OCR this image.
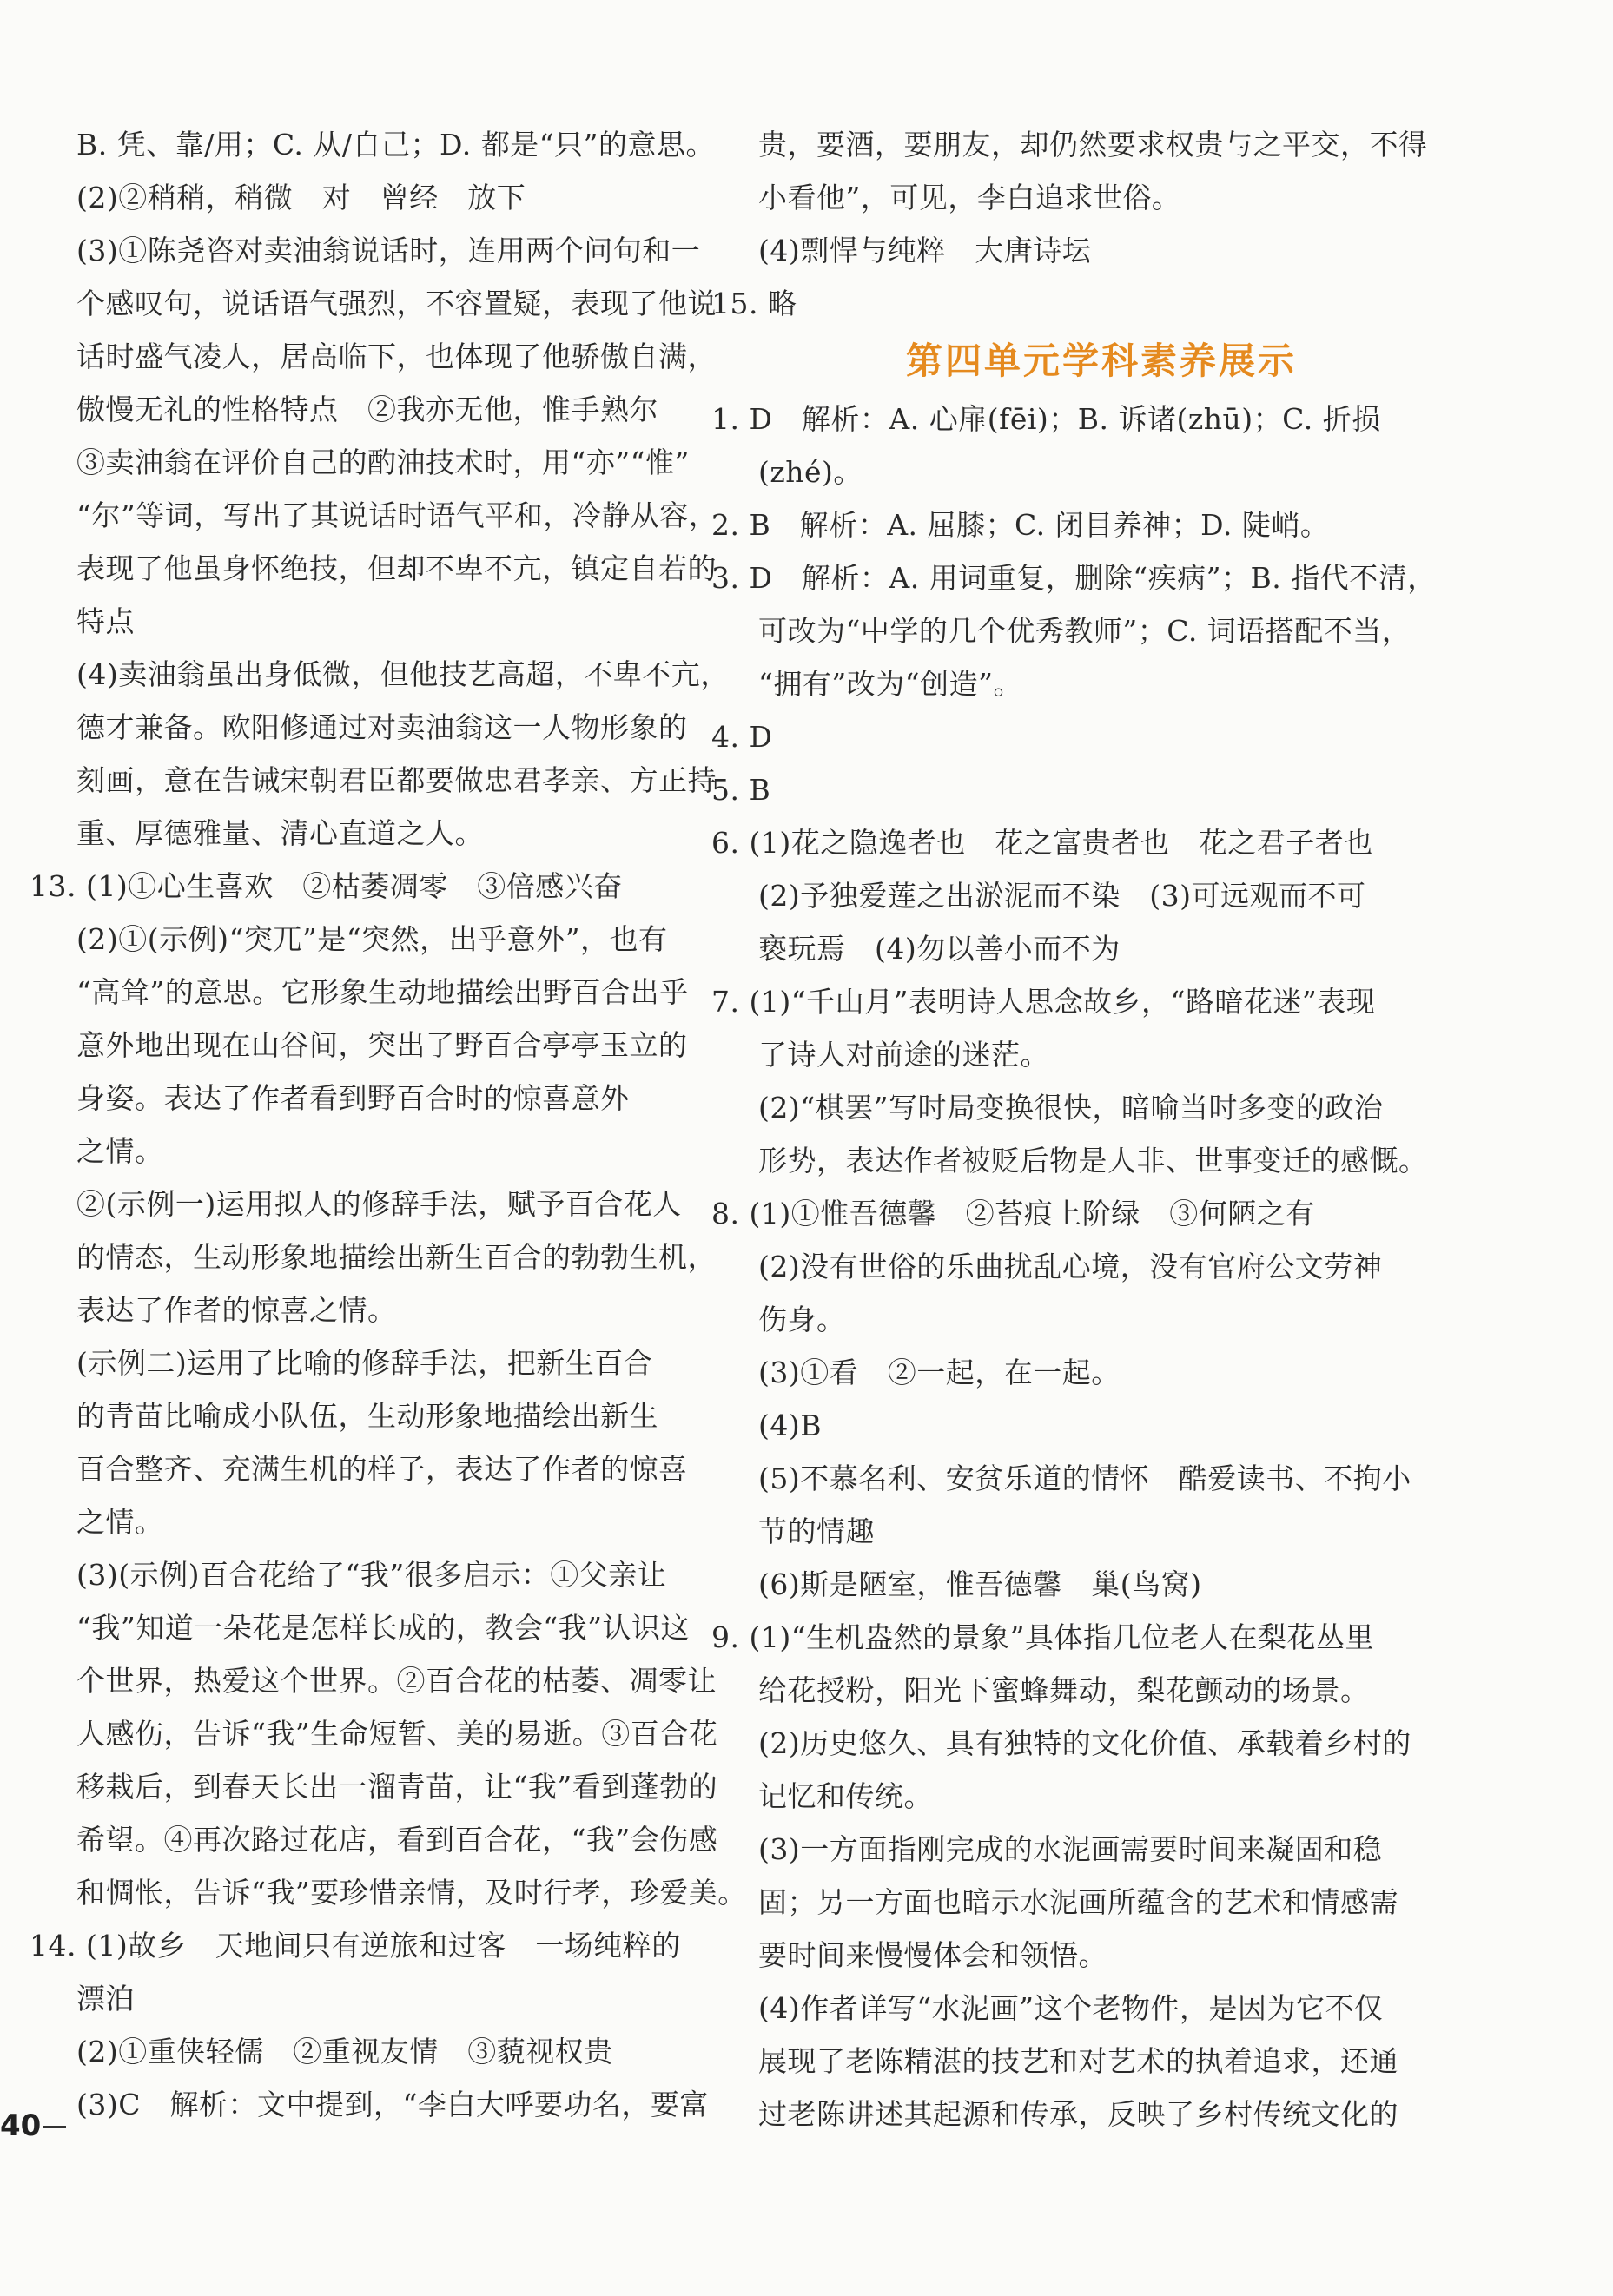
B. 凭、靠/用；C. 从/自己；D. 都是“只”的意思。
(2)②稍稍，稍微　对　曾经　放下
(3)①陈尧咨对卖油翁说话时，连用两个问句和一
个感叹句，说话语气强烈，不容置疑，表现了他说
话时盛气凌人，居高临下，也体现了他骄傲自满，
傲慢无礼的性格特点　②我亦无他，惟手熟尔
③卖油翁在评价自己的酌油技术时，用“亦”“惟”
“尔”等词，写出了其说话时语气平和，冷静从容，
表现了他虽身怀绝技，但却不卑不亢，镇定自若的
特点
(4)卖油翁虽出身低微，但他技艺高超，不卑不亢，
德才兼备。欧阳修通过对卖油翁这一人物形象的
刻画，意在告诫宋朝君臣都要做忠君孝亲、方正持
重、厚德雅量、清心直道之人。
13. (1)①心生喜欢　②枯萎凋零　③倍感兴奋
(2)①(示例)“突兀”是“突然，出乎意外”，也有
“高耸”的意思。它形象生动地描绘出野百合出乎
意外地出现在山谷间，突出了野百合亭亭玉立的
身姿。表达了作者看到野百合时的惊喜意外
之情。
②(示例一)运用拟人的修辞手法，赋予百合花人
的情态，生动形象地描绘出新生百合的勃勃生机，
表达了作者的惊喜之情。
(示例二)运用了比喻的修辞手法，把新生百合
的青苗比喻成小队伍，生动形象地描绘出新生
百合整齐、充满生机的样子，表达了作者的惊喜
之情。
(3)(示例)百合花给了“我”很多启示：①父亲让
“我”知道一朵花是怎样长成的，教会“我”认识这
个世界，热爱这个世界。②百合花的枯萎、凋零让
人感伤，告诉“我”生命短暂、美的易逝。③百合花
移栽后，到春天长出一溜青苗，让“我”看到蓬勃的
希望。④再次路过花店，看到百合花，“我”会伤感
和惆怅，告诉“我”要珍惜亲情，及时行孝，珍爱美。
14. (1)故乡　天地间只有逆旅和过客　一场纯粹的
漂泊
(2)①重侠轻儒　②重视友情　③藐视权贵
(3)C　解析：文中提到，“李白大呼要功名，要富
贵，要酒，要朋友，却仍然要求权贵与之平交，不得
小看他”，可见，李白追求世俗。
(4)剽悍与纯粹　大唐诗坛
15. 略
第四单元学科素养展示
1. D　解析：A. 心扉(fēi)；B. 诉诸(zhū)；C. 折损
(zhé)。
2. B　解析：A. 屈膝；C. 闭目养神；D. 陡峭。
3. D　解析：A. 用词重复，删除“疾病”；B. 指代不清，
可改为“中学的几个优秀教师”；C. 词语搭配不当，
“拥有”改为“创造”。
4. D
5. B
6. (1)花之隐逸者也　花之富贵者也　花之君子者也
(2)予独爱莲之出淤泥而不染　(3)可远观而不可
亵玩焉　(4)勿以善小而不为
7. (1)“千山月”表明诗人思念故乡，“路暗花迷”表现
了诗人对前途的迷茫。
(2)“棋罢”写时局变换很快，暗喻当时多变的政治
形势，表达作者被贬后物是人非、世事变迁的感慨。
8. (1)①惟吾德馨　②苔痕上阶绿　③何陋之有
(2)没有世俗的乐曲扰乱心境，没有官府公文劳神
伤身。
(3)①看　②一起，在一起。
(4)B
(5)不慕名利、安贫乐道的情怀　酷爱读书、不拘小
节的情趣
(6)斯是陋室，惟吾德馨　巢(鸟窝)
9. (1)“生机盎然的景象”具体指几位老人在梨花丛里
给花授粉，阳光下蜜蜂舞动，梨花颤动的场景。
(2)历史悠久、具有独特的文化价值、承载着乡村的
记忆和传统。
(3)一方面指刚完成的水泥画需要时间来凝固和稳
固；另一方面也暗示水泥画所蕴含的艺术和情感需
要时间来慢慢体会和领悟。
(4)作者详写“水泥画”这个老物件，是因为它不仅
展现了老陈精湛的技艺和对艺术的执着追求，还通
过老陈讲述其起源和传承，反映了乡村传统文化的
40
